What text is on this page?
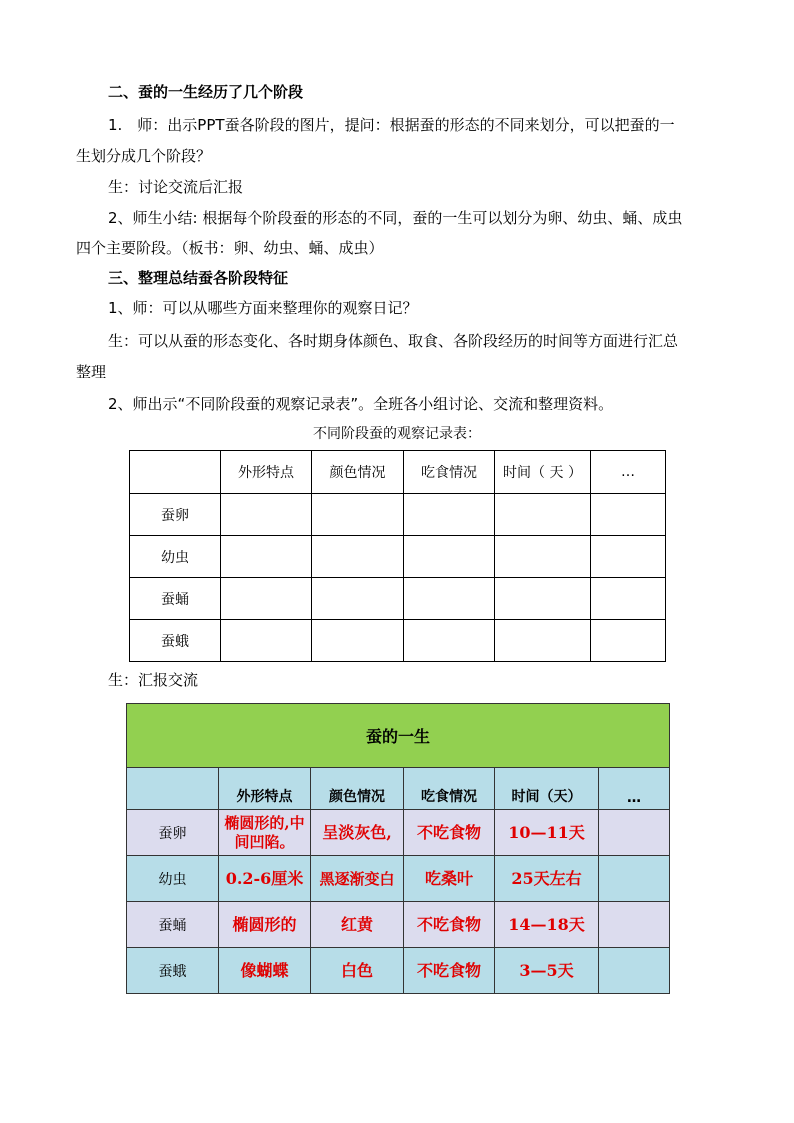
二、蚕的一生经历了几个阶段
1.　师：出示PPT蚕各阶段的图片，提问：根据蚕的形态的不同来划分，可以把蚕的一
生划分成几个阶段？
生：讨论交流后汇报
2、师生小结: 根据每个阶段蚕的形态的不同，蚕的一生可以划分为卵、幼虫、蛹、成虫
四个主要阶段。（板书：卵、幼虫、蛹、成虫）
三、整理总结蚕各阶段特征
1、师：可以从哪些方面来整理你的观察日记？
生：可以从蚕的形态变化、各时期身体颜色、取食、各阶段经历的时间等方面进行汇总
整理
2、师出示“不同阶段蚕的观察记录表”。全班各小组讨论、交流和整理资料。
不同阶段蚕的观察记录表：
	外形特点	颜色情况	吃食情况	时间（ 天 ）	…
蚕卵					
幼虫					
蚕蛹					
蚕蛾					
生：汇报交流
蚕的一生					
	外形特点	颜色情况	吃食情况	时间（天）	…
蚕卵	椭圆形的,中间凹陷。	呈淡灰色,	不吃食物	10—11天	
幼虫	0.2-6厘米	黑逐渐变白	吃桑叶	25天左右	
蚕蛹	椭圆形的	红黄	不吃食物	14—18天	
蚕蛾	像蝴蝶	白色	不吃食物	3—5天	
